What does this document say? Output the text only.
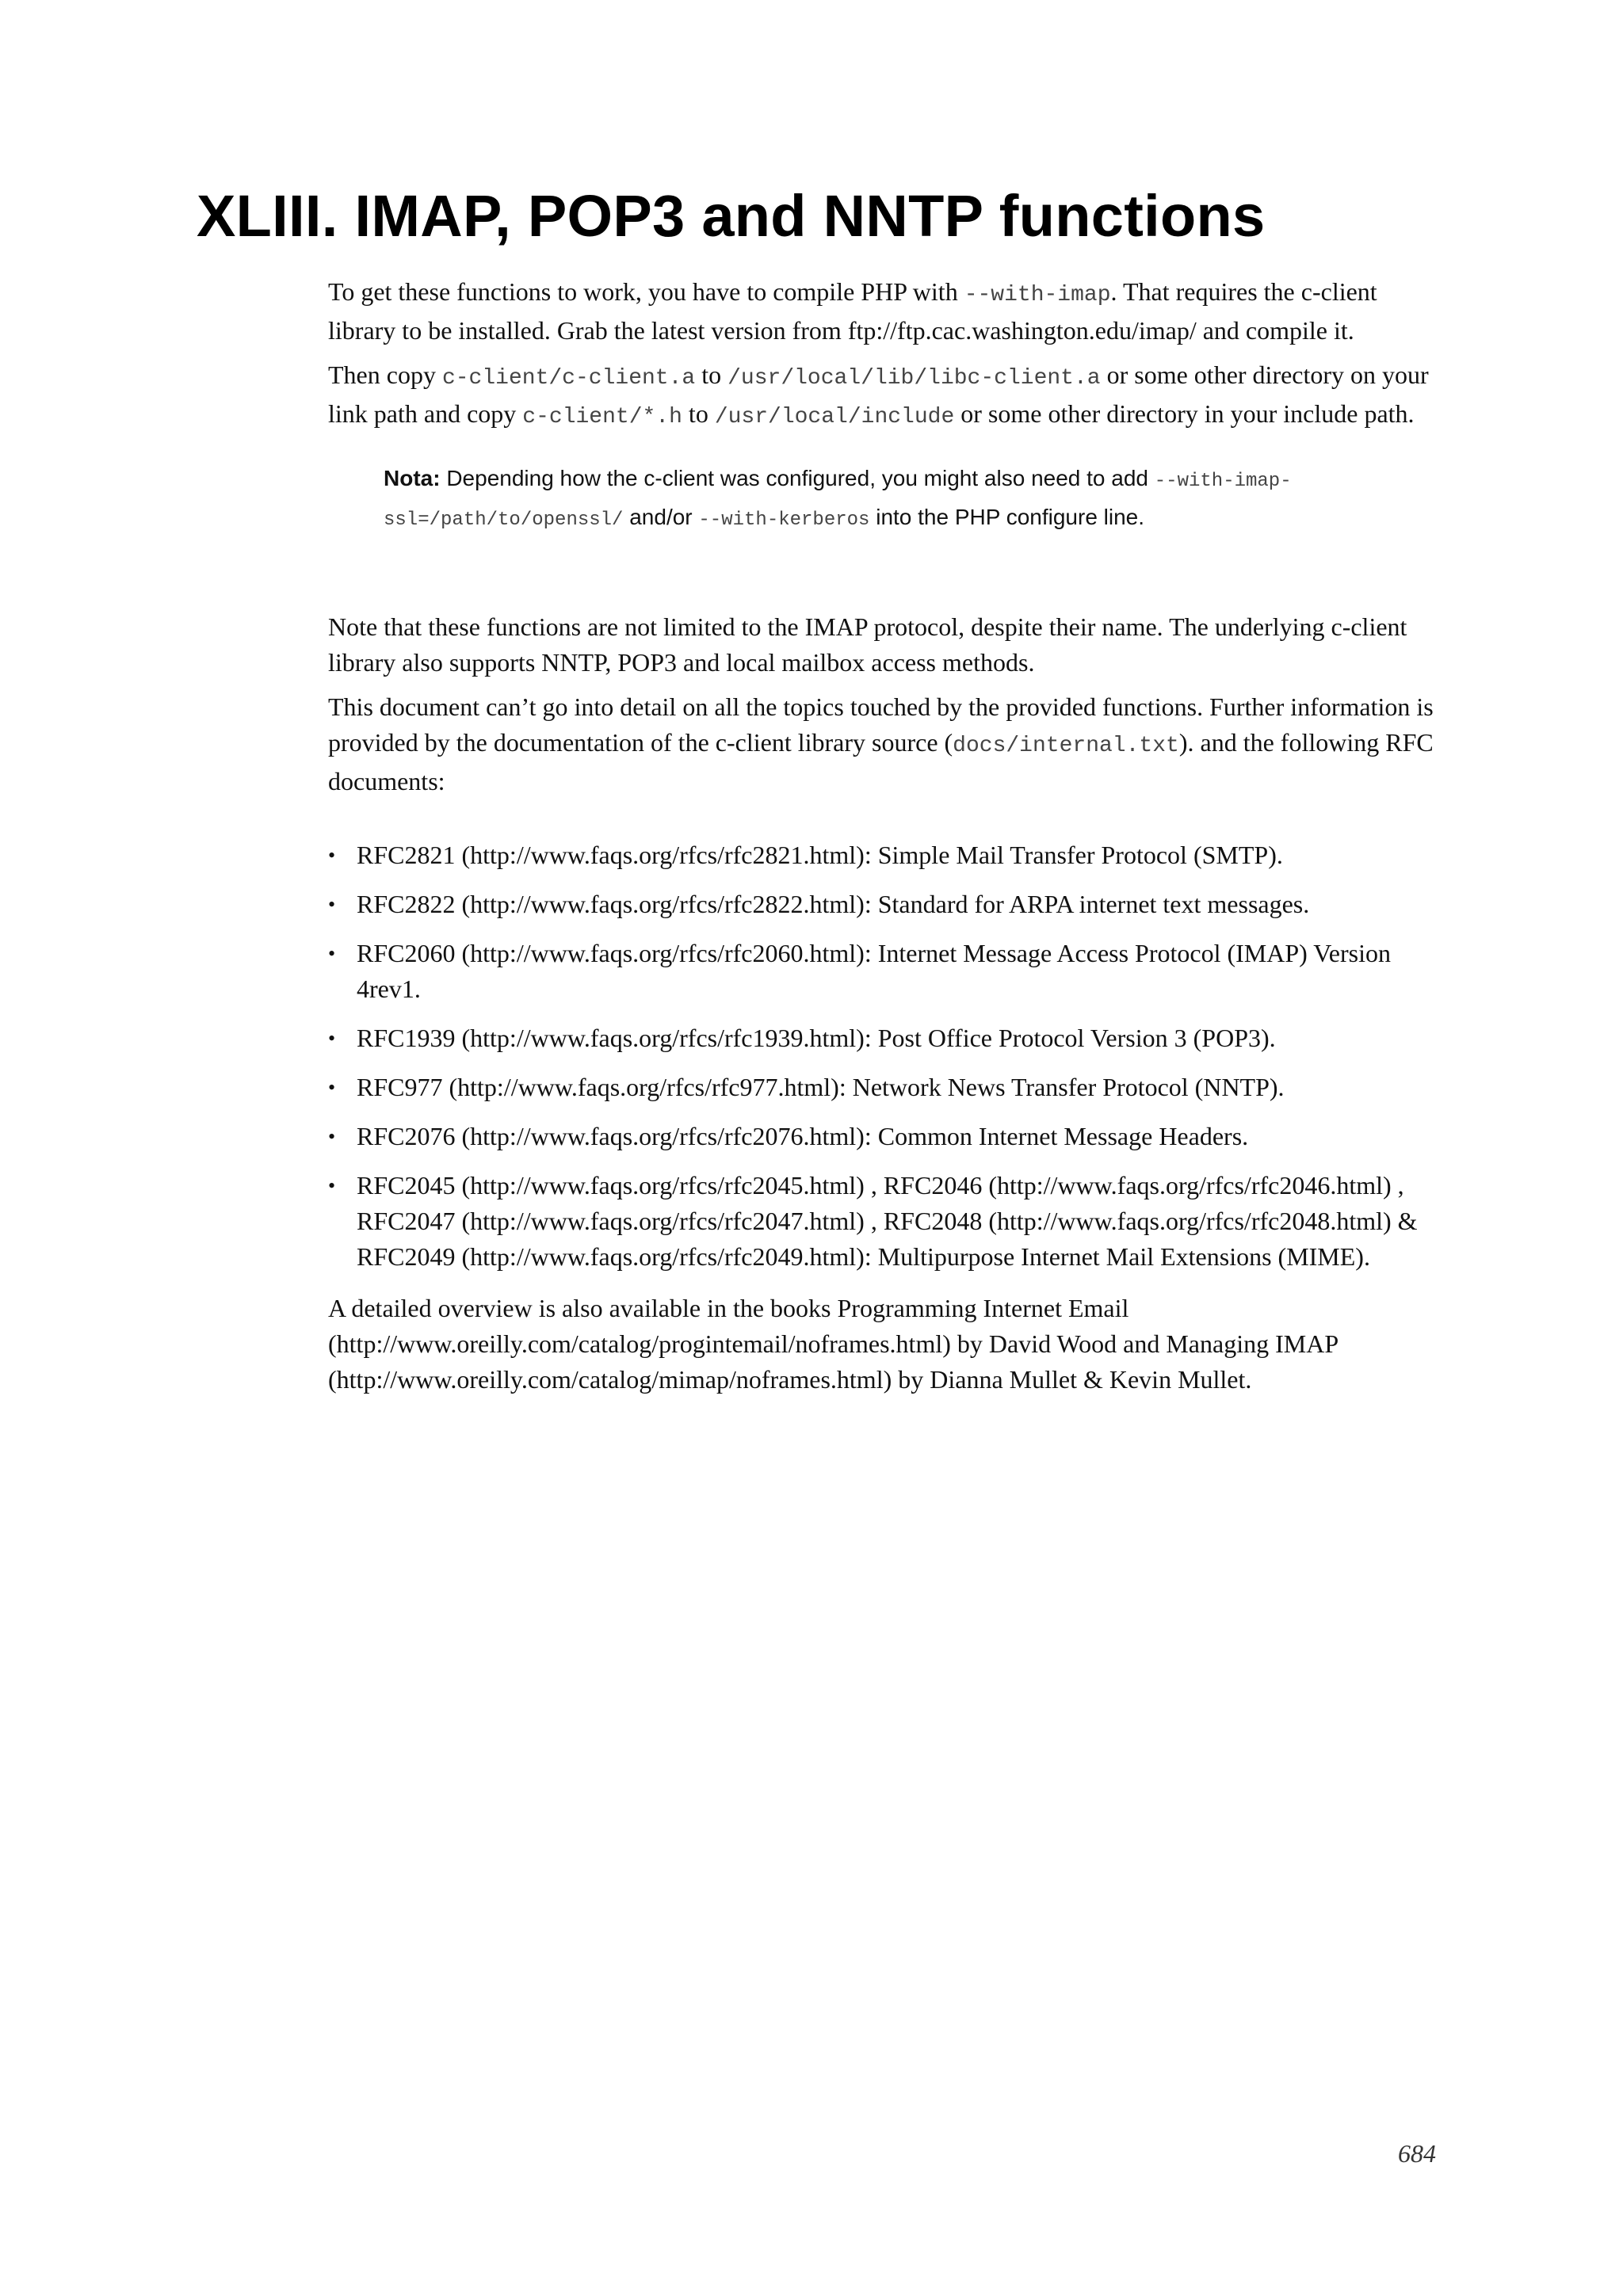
XLIII. IMAP, POP3 and NNTP functions

To get these functions to work, you have to compile PHP with --with-imap. That requires the c-client library to be installed. Grab the latest version from ftp://ftp.cac.washington.edu/imap/ and compile it.

Then copy c-client/c-client.a to /usr/local/lib/libc-client.a or some other directory on your link path and copy c-client/*.h to /usr/local/include or some other directory in your include path.

Nota: Depending how the c-client was configured, you might also need to add --with-imap-ssl=/path/to/openssl/ and/or --with-kerberos into the PHP configure line.

Note that these functions are not limited to the IMAP protocol, despite their name. The underlying c-client library also supports NNTP, POP3 and local mailbox access methods.

This document can’t go into detail on all the topics touched by the provided functions. Further information is provided by the documentation of the c-client library source (docs/internal.txt). and the following RFC documents:

• RFC2821 (http://www.faqs.org/rfcs/rfc2821.html): Simple Mail Transfer Protocol (SMTP).
• RFC2822 (http://www.faqs.org/rfcs/rfc2822.html): Standard for ARPA internet text messages.
• RFC2060 (http://www.faqs.org/rfcs/rfc2060.html): Internet Message Access Protocol (IMAP) Version 4rev1.
• RFC1939 (http://www.faqs.org/rfcs/rfc1939.html): Post Office Protocol Version 3 (POP3).
• RFC977 (http://www.faqs.org/rfcs/rfc977.html): Network News Transfer Protocol (NNTP).
• RFC2076 (http://www.faqs.org/rfcs/rfc2076.html): Common Internet Message Headers.
• RFC2045 (http://www.faqs.org/rfcs/rfc2045.html) , RFC2046 (http://www.faqs.org/rfcs/rfc2046.html) , RFC2047 (http://www.faqs.org/rfcs/rfc2047.html) , RFC2048 (http://www.faqs.org/rfcs/rfc2048.html) & RFC2049 (http://www.faqs.org/rfcs/rfc2049.html): Multipurpose Internet Mail Extensions (MIME).

A detailed overview is also available in the books Programming Internet Email (http://www.oreilly.com/catalog/progintemail/noframes.html) by David Wood and Managing IMAP (http://www.oreilly.com/catalog/mimap/noframes.html) by Dianna Mullet & Kevin Mullet.

684
